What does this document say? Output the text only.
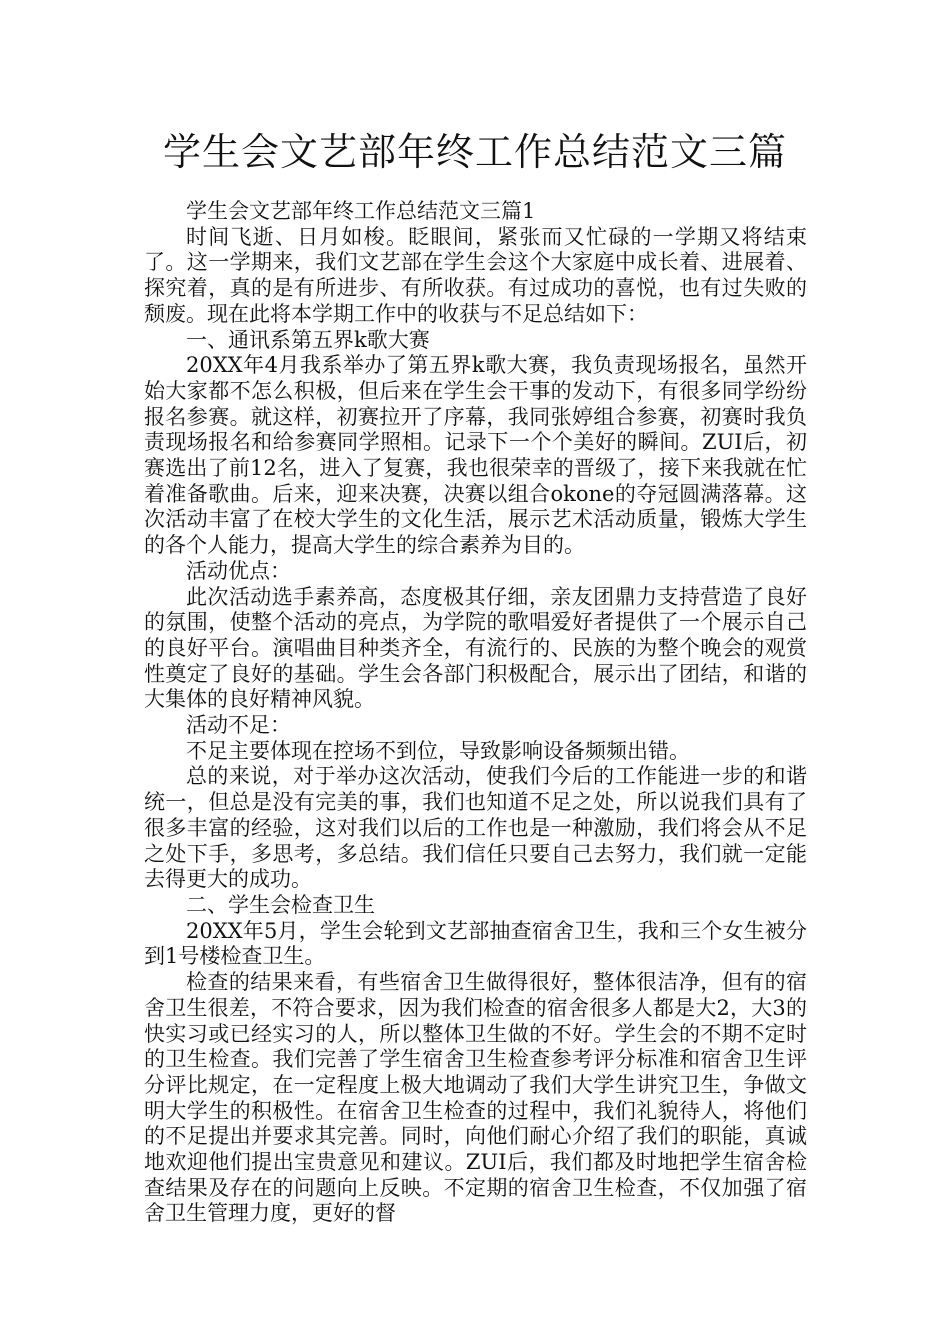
学生会文艺部年终工作总结范文三篇

学生会文艺部年终工作总结范文三篇1

时间飞逝、日月如梭。眨眼间，紧张而又忙碌的一学期又将结束了。这一学期来，我们文艺部在学生会这个大家庭中成长着、进展着、探究着，真的是有所进步、有所收获。有过成功的喜悦，也有过失败的颓废。现在此将本学期工作中的收获与不足总结如下：

一、通讯系第五界k歌大赛

20XX年4月我系举办了第五界k歌大赛，我负责现场报名，虽然开始大家都不怎么积极，但后来在学生会干事的发动下，有很多同学纷纷报名参赛。就这样，初赛拉开了序幕，我同张婷组合参赛，初赛时我负责现场报名和给参赛同学照相。记录下一个个美好的瞬间。ZUI后，初赛选出了前12名，进入了复赛，我也很荣幸的晋级了，接下来我就在忙着准备歌曲。后来，迎来决赛，决赛以组合okone的夺冠圆满落幕。这次活动丰富了在校大学生的文化生活，展示艺术活动质量，锻炼大学生的各个人能力，提高大学生的综合素养为目的。

活动优点：

此次活动选手素养高，态度极其仔细，亲友团鼎力支持营造了良好的氛围，使整个活动的亮点，为学院的歌唱爱好者提供了一个展示自己的良好平台。演唱曲目种类齐全，有流行的、民族的为整个晚会的观赏性奠定了良好的基础。学生会各部门积极配合，展示出了团结，和谐的大集体的良好精神风貌。

活动不足：

不足主要体现在控场不到位，导致影响设备频频出错。

总的来说，对于举办这次活动，使我们今后的工作能进一步的和谐统一，但总是没有完美的事，我们也知道不足之处，所以说我们具有了很多丰富的经验，这对我们以后的工作也是一种激励，我们将会从不足之处下手，多思考，多总结。我们信任只要自己去努力，我们就一定能去得更大的成功。

二、学生会检查卫生

20XX年5月，学生会轮到文艺部抽查宿舍卫生，我和三个女生被分到1号楼检查卫生。

检查的结果来看，有些宿舍卫生做得很好，整体很洁净，但有的宿舍卫生很差，不符合要求，因为我们检查的宿舍很多人都是大2，大3的快实习或已经实习的人，所以整体卫生做的不好。学生会的不期不定时的卫生检查。我们完善了学生宿舍卫生检查参考评分标准和宿舍卫生评分评比规定，在一定程度上极大地调动了我们大学生讲究卫生，争做文明大学生的积极性。在宿舍卫生检查的过程中，我们礼貌待人，将他们的不足提出并要求其完善。同时，向他们耐心介绍了我们的职能，真诚地欢迎他们提出宝贵意见和建议。ZUI后，我们都及时地把学生宿舍检查结果及存在的问题向上反映。不定期的宿舍卫生检查，不仅加强了宿舍卫生管理力度，更好的督
